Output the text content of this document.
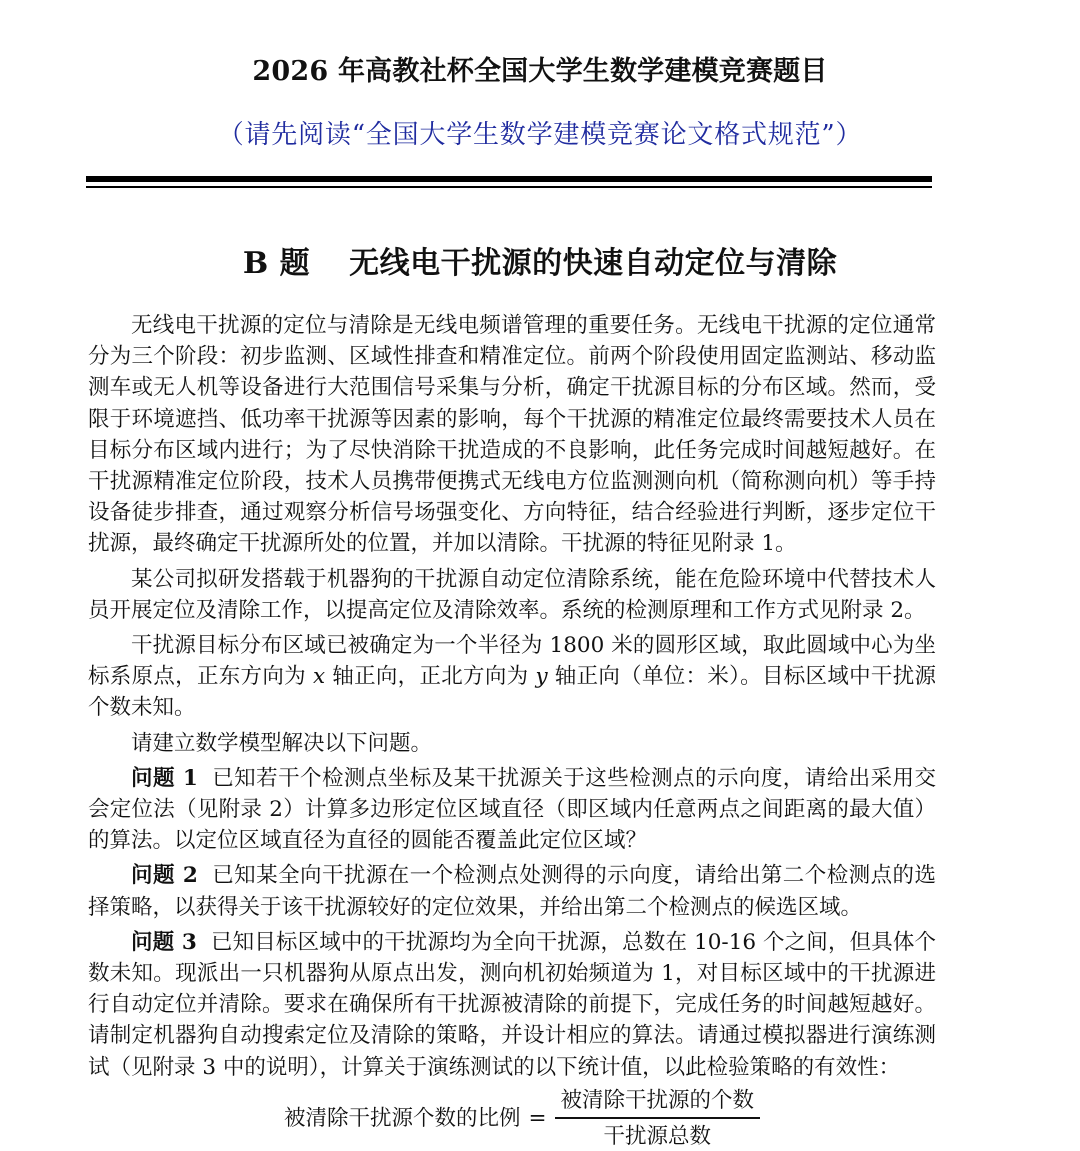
2026 年高教社杯全国大学生数学建模竞赛题目
（请先阅读“全国大学生数学建模竞赛论文格式规范”）
B 题 无线电干扰源的快速自动定位与清除

无线电干扰源的定位与清除是无线电频谱管理的重要任务。无线电干扰源的定位通常分为三个阶段：初步监测、区域性排查和精准定位。前两个阶段使用固定监测站、移动监测车或无人机等设备进行大范围信号采集与分析，确定干扰源目标的分布区域。然而，受限于环境遮挡、低功率干扰源等因素的影响，每个干扰源的精准定位最终需要技术人员在目标分布区域内进行；为了尽快消除干扰造成的不良影响，此任务完成时间越短越好。在干扰源精准定位阶段，技术人员携带便携式无线电方位监测测向机（简称测向机）等手持设备徒步排查，通过观察分析信号场强变化、方向特征，结合经验进行判断，逐步定位干扰源，最终确定干扰源所处的位置，并加以清除。干扰源的特征见附录 1。

某公司拟研发搭载于机器狗的干扰源自动定位清除系统，能在危险环境中代替技术人员开展定位及清除工作，以提高定位及清除效率。系统的检测原理和工作方式见附录 2。

干扰源目标分布区域已被确定为一个半径为 1800 米的圆形区域，取此圆域中心为坐标系原点，正东方向为 x 轴正向，正北方向为 y 轴正向（单位：米）。目标区域中干扰源个数未知。

请建立数学模型解决以下问题。

问题 1 已知若干个检测点坐标及某干扰源关于这些检测点的示向度，请给出采用交会定位法（见附录 2）计算多边形定位区域直径（即区域内任意两点之间距离的最大值）的算法。以定位区域直径为直径的圆能否覆盖此定位区域？

问题 2 已知某全向干扰源在一个检测点处测得的示向度，请给出第二个检测点的选择策略，以获得关于该干扰源较好的定位效果，并给出第二个检测点的候选区域。

问题 3 已知目标区域中的干扰源均为全向干扰源，总数在 10-16 个之间，但具体个数未知。现派出一只机器狗从原点出发，测向机初始频道为 1，对目标区域中的干扰源进行自动定位并清除。要求在确保所有干扰源被清除的前提下，完成任务的时间越短越好。请制定机器狗自动搜索定位及清除的策略，并设计相应的算法。请通过模拟器进行演练测试（见附录 3 中的说明），计算关于演练测试的以下统计值，以此检验策略的有效性：

被清除干扰源个数的比例 = $\frac{\text{被清除干扰源的个数}}{\text{干扰源总数}}$
